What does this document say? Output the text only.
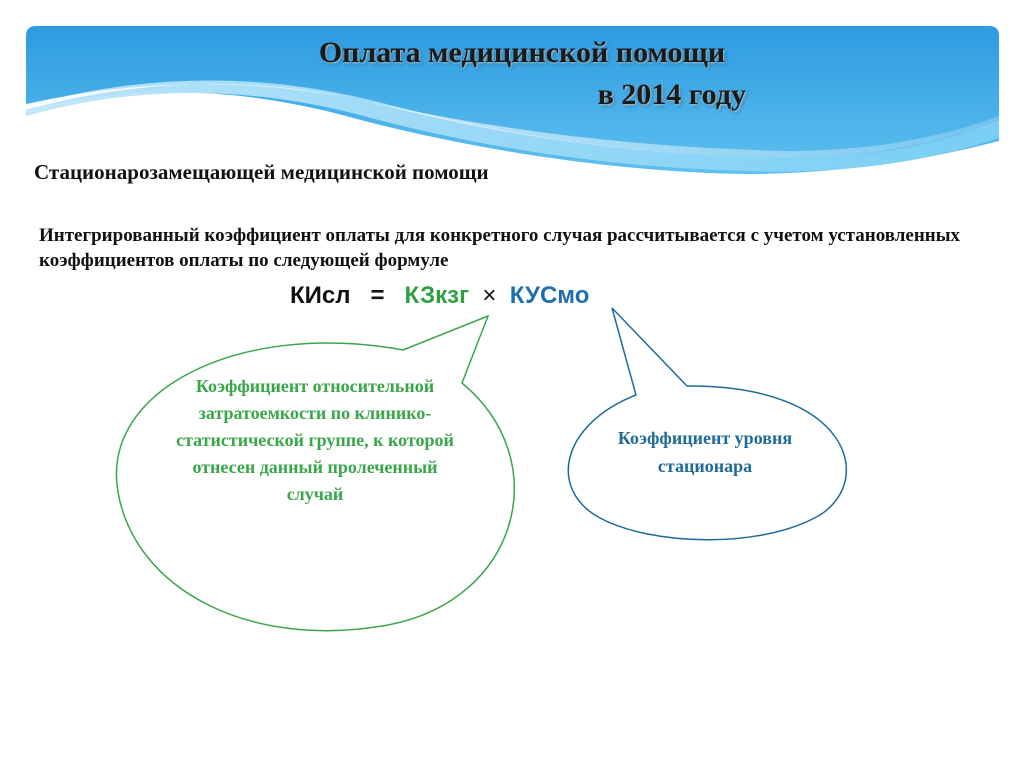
Оплата медицинской помощи
в 2014 году
Стационарозамещающей медицинской помощи
Интегрированный коэффициент оплаты для конкретного случая рассчитывается с учетом установленных коэффициентов оплаты по следующей формуле
КИсл = КЗкзг × КУСмо
Коэффициент относительной затратоемкости по клинико-статистической группе, к которой отнесен данный пролеченный случай
Коэффициент уровня стационара
